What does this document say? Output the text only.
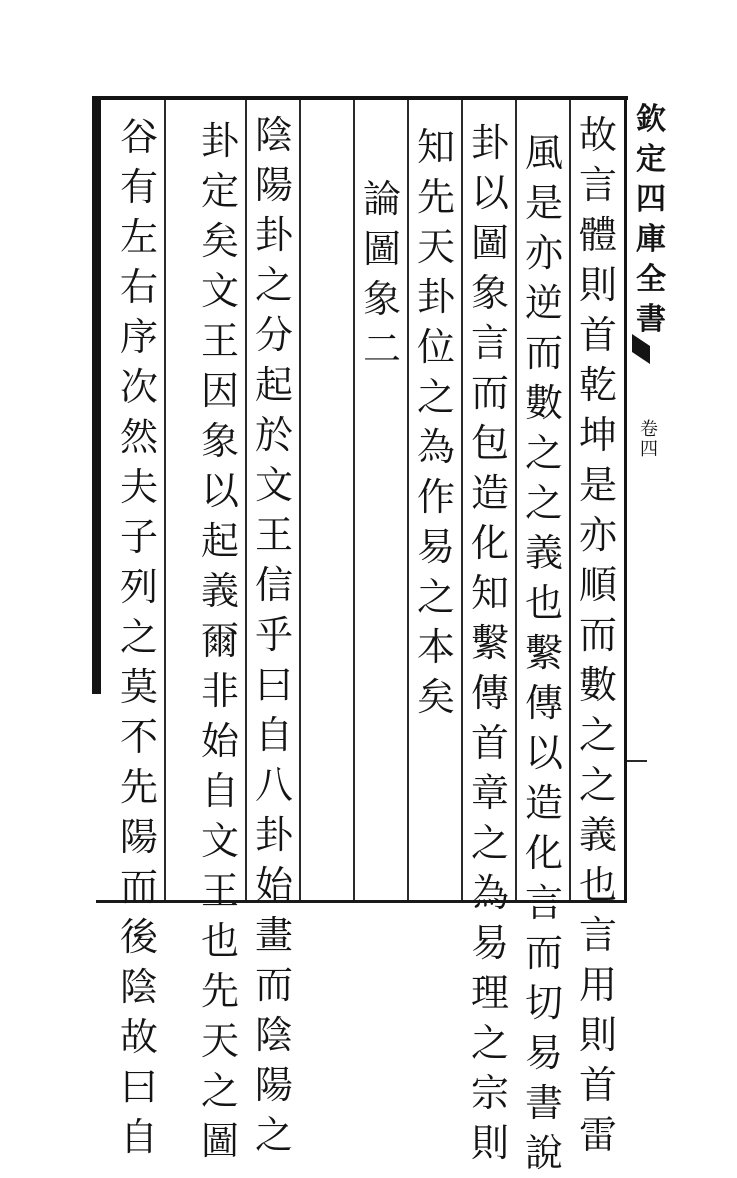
故
言
體
則
首
乾
坤
是
亦
順
而
數
之
之
義
也
言
用
則
首
雷
風
是
亦
逆
而
數
之
之
義
也
繫
傳
以
造
化
言
而
切
易
書
說
卦
以
圖
象
言
而
包
造
化
知
繫
傳
首
章
之
為
易
理
之
宗
則
知
先
天
卦
位
之
為
作
易
之
本
矣
論
圖
象
二
陰
陽
卦
之
分
起
於
文
王
信
乎
曰
自
八
卦
始
畫
而
陰
陽
之
卦
定
矣
文
王
因
象
以
起
義
爾
非
始
自
文
王
也
先
天
之
圖
谷
有
左
右
序
次
然
夫
子
列
之
莫
不
先
陽
而
後
陰
故
曰
自
欽
定
四
庫
全
書
卷四
